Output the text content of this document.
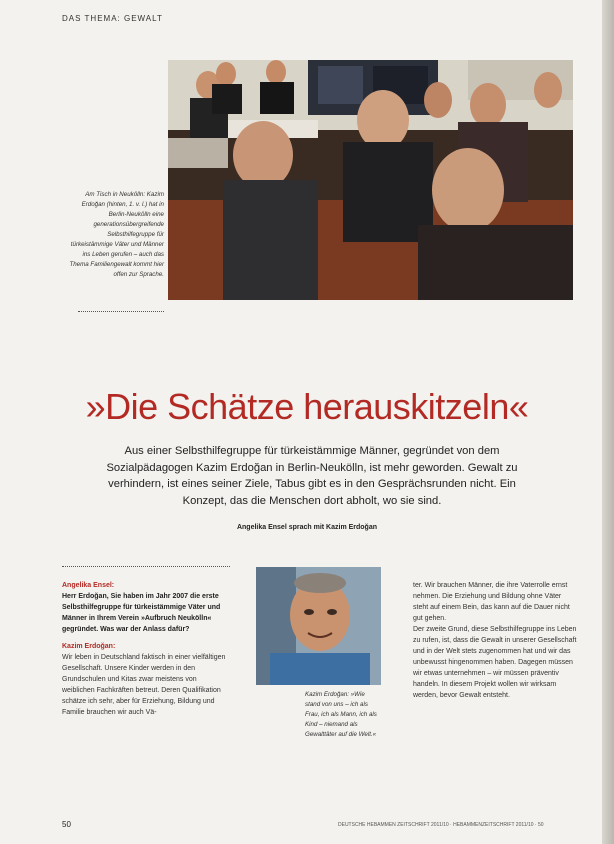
DAS THEMA: GEWALT
Am Tisch in Neukölln: Kazim Erdoğan (hinten, 1. v. l.) hat in Berlin-Neukölln eine generationsübergreifende Selbsthilfegruppe für türkeistämmige Väter und Männer ins Leben gerufen – auch das Thema Familiengewalt kommt hier offen zur Sprache.
»Die Schätze herauskitzeln«
Aus einer Selbsthilfegruppe für türkeistämmige Männer, gegründet von dem Sozialpädagogen Kazim Erdoğan in Berlin-Neukölln, ist mehr geworden. Gewalt zu verhindern, ist eines seiner Ziele, Tabus gibt es in den Gesprächsrunden nicht. Ein Konzept, das die Menschen dort abholt, wo sie sind.
Angelika Ensel sprach mit Kazim Erdoğan

Angelika Ensel:

Herr Erdoğan, Sie haben im Jahr 2007 die erste Selbsthilfegruppe für türkeistämmige Väter und Männer in Ihrem Verein »Aufbruch Neukölln« gegründet. Was war der Anlass dafür?

Kazim Erdoğan:

Wir leben in Deutschland faktisch in einer vielfältigen Gesellschaft. Unsere Kinder werden in den Grundschulen und Kitas zwar meistens von weiblichen Fachkräften betreut. Deren Qualifikation schätze ich sehr, aber für Erziehung, Bildung und Familie brauchen wir auch Vä-

Kazim Erdoğan: »Wie stand von uns – ich als Frau, ich als Mann, ich als Kind – niemand als Gewalttäter auf die Welt.«

ter. Wir brauchen Männer, die ihre Vaterrolle ernst nehmen. Die Erziehung und Bildung ohne Väter steht auf einem Bein, das kann auf die Dauer nicht gut gehen.

Der zweite Grund, diese Selbsthilfegruppe ins Leben zu rufen, ist, dass die Gewalt in unserer Gesellschaft und in der Welt stets zugenommen hat und wir das unbewusst hingenommen haben. Dagegen müssen wir etwas unternehmen – wir müssen präventiv handeln. In diesem Projekt wollen wir wirksam werden, bevor Gewalt entsteht.

50	DEUTSCHE HEBAMMEN ZEITSCHRIFT 2011/10 · HEBAMMENZEITSCHRIFT 2011/10 · 50
